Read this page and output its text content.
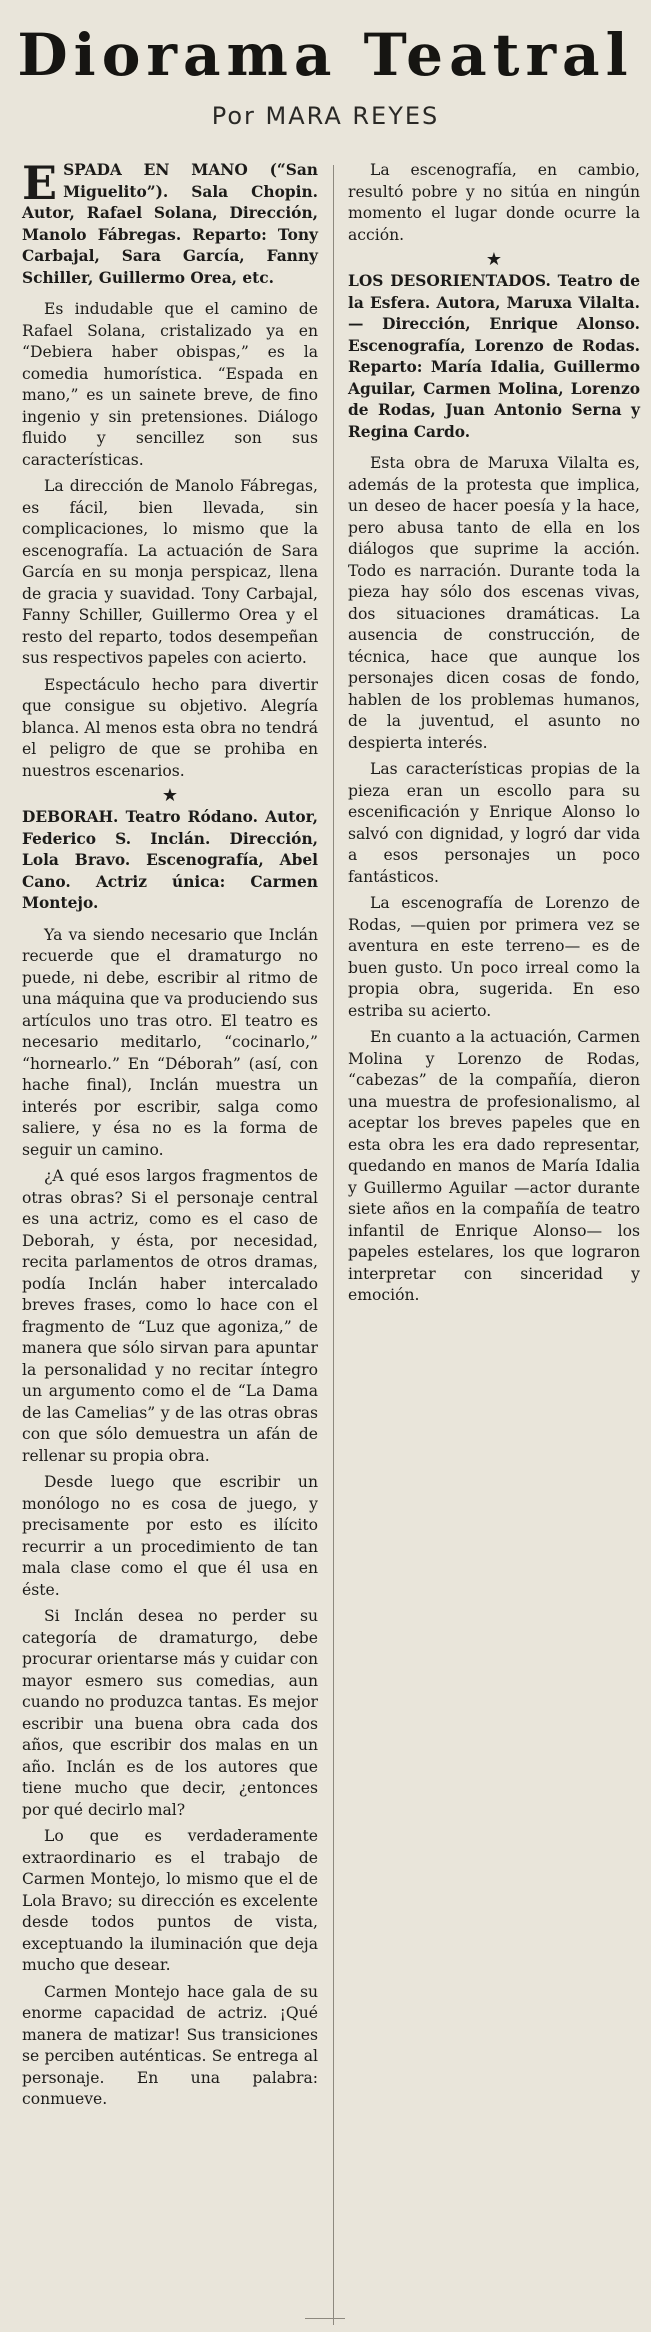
Diorama Teatral

Por MARA REYES

ESPADA EN MANO (“San Miguelito”). Sala Chopin. Autor, Rafael Solana, Dirección, Manolo Fábregas. Reparto: Tony Carbajal, Sara García, Fanny Schiller, Guillermo Orea, etc.

Es indudable que el camino de Rafael Solana, cristalizado ya en “Debiera haber obispas,” es la comedia humorística. “Espada en mano,” es un sainete breve, de fino ingenio y sin pretensiones. Diálogo fluido y sencillez son sus características.

La dirección de Manolo Fábregas, es fácil, bien llevada, sin complicaciones, lo mismo que la escenografía. La actuación de Sara García en su monja perspicaz, llena de gracia y suavidad. Tony Carbajal, Fanny Schiller, Guillermo Orea y el resto del reparto, todos desempeñan sus respectivos papeles con acierto.

Espectáculo hecho para divertir que consigue su objetivo. Alegría blanca. Al menos esta obra no tendrá el peligro de que se prohiba en nuestros escenarios.

★

DEBORAH. Teatro Ródano. Autor, Federico S. Inclán. Dirección, Lola Bravo. Escenografía, Abel Cano. Actriz única: Carmen Montejo.

Ya va siendo necesario que Inclán recuerde que el dramaturgo no puede, ni debe, escribir al ritmo de una máquina que va produciendo sus artículos uno tras otro. El teatro es necesario meditarlo, “cocinarlo,” “hornearlo.” En “Déborah” (así, con hache final), Inclán muestra un interés por escribir, salga como saliere, y ésa no es la forma de seguir un camino.

¿A qué esos largos fragmentos de otras obras? Si el personaje central es una actriz, como es el caso de Deborah, y ésta, por necesidad, recita parlamentos de otros dramas, podía Inclán haber intercalado breves frases, como lo hace con el fragmento de “Luz que agoniza,” de manera que sólo sirvan para apuntar la personalidad y no recitar íntegro un argumento como el de “La Dama de las Camelias” y de las otras obras con que sólo demuestra un afán de rellenar su propia obra.

Desde luego que escribir un monólogo no es cosa de juego, y precisamente por esto es ilícito recurrir a un procedimiento de tan mala clase como el que él usa en éste.

Si Inclán desea no perder su categoría de dramaturgo, debe procurar orientarse más y cuidar con mayor esmero sus comedias, aun cuando no produzca tantas. Es mejor escribir una buena obra cada dos años, que escribir dos malas en un año. Inclán es de los autores que tiene mucho que decir, ¿entonces por qué decirlo mal?

Lo que es verdaderamente extraordinario es el trabajo de Carmen Montejo, lo mismo que el de Lola Bravo; su dirección es excelente desde todos puntos de vista, exceptuando la iluminación que deja mucho que desear.

Carmen Montejo hace gala de su enorme capacidad de actriz. ¡Qué manera de matizar! Sus transiciones se perciben auténticas. Se entrega al personaje. En una palabra: conmueve.

La escenografía, en cambio, resultó pobre y no sitúa en ningún momento el lugar donde ocurre la acción.

★

LOS DESORIENTADOS. Teatro de la Esfera. Autora, Maruxa Vilalta. — Dirección, Enrique Alonso. Escenografía, Lorenzo de Rodas. Reparto: María Idalia, Guillermo Aguilar, Carmen Molina, Lorenzo de Rodas, Juan Antonio Serna y Regina Cardo.

Esta obra de Maruxa Vilalta es, además de la protesta que implica, un deseo de hacer poesía y la hace, pero abusa tanto de ella en los diálogos que suprime la acción. Todo es narración. Durante toda la pieza hay sólo dos escenas vivas, dos situaciones dramáticas. La ausencia de construcción, de técnica, hace que aunque los personajes dicen cosas de fondo, hablen de los problemas humanos, de la juventud, el asunto no despierta interés.

Las características propias de la pieza eran un escollo para su escenificación y Enrique Alonso lo salvó con dignidad, y logró dar vida a esos personajes un poco fantásticos.

La escenografía de Lorenzo de Rodas, —quien por primera vez se aventura en este terreno— es de buen gusto. Un poco irreal como la propia obra, sugerida. En eso estriba su acierto.

En cuanto a la actuación, Carmen Molina y Lorenzo de Rodas, “cabezas” de la compañía, dieron una muestra de profesionalismo, al aceptar los breves papeles que en esta obra les era dado representar, quedando en manos de María Idalia y Guillermo Aguilar —actor durante siete años en la compañía de teatro infantil de Enrique Alonso— los papeles estelares, los que lograron interpretar con sinceridad y emoción.
